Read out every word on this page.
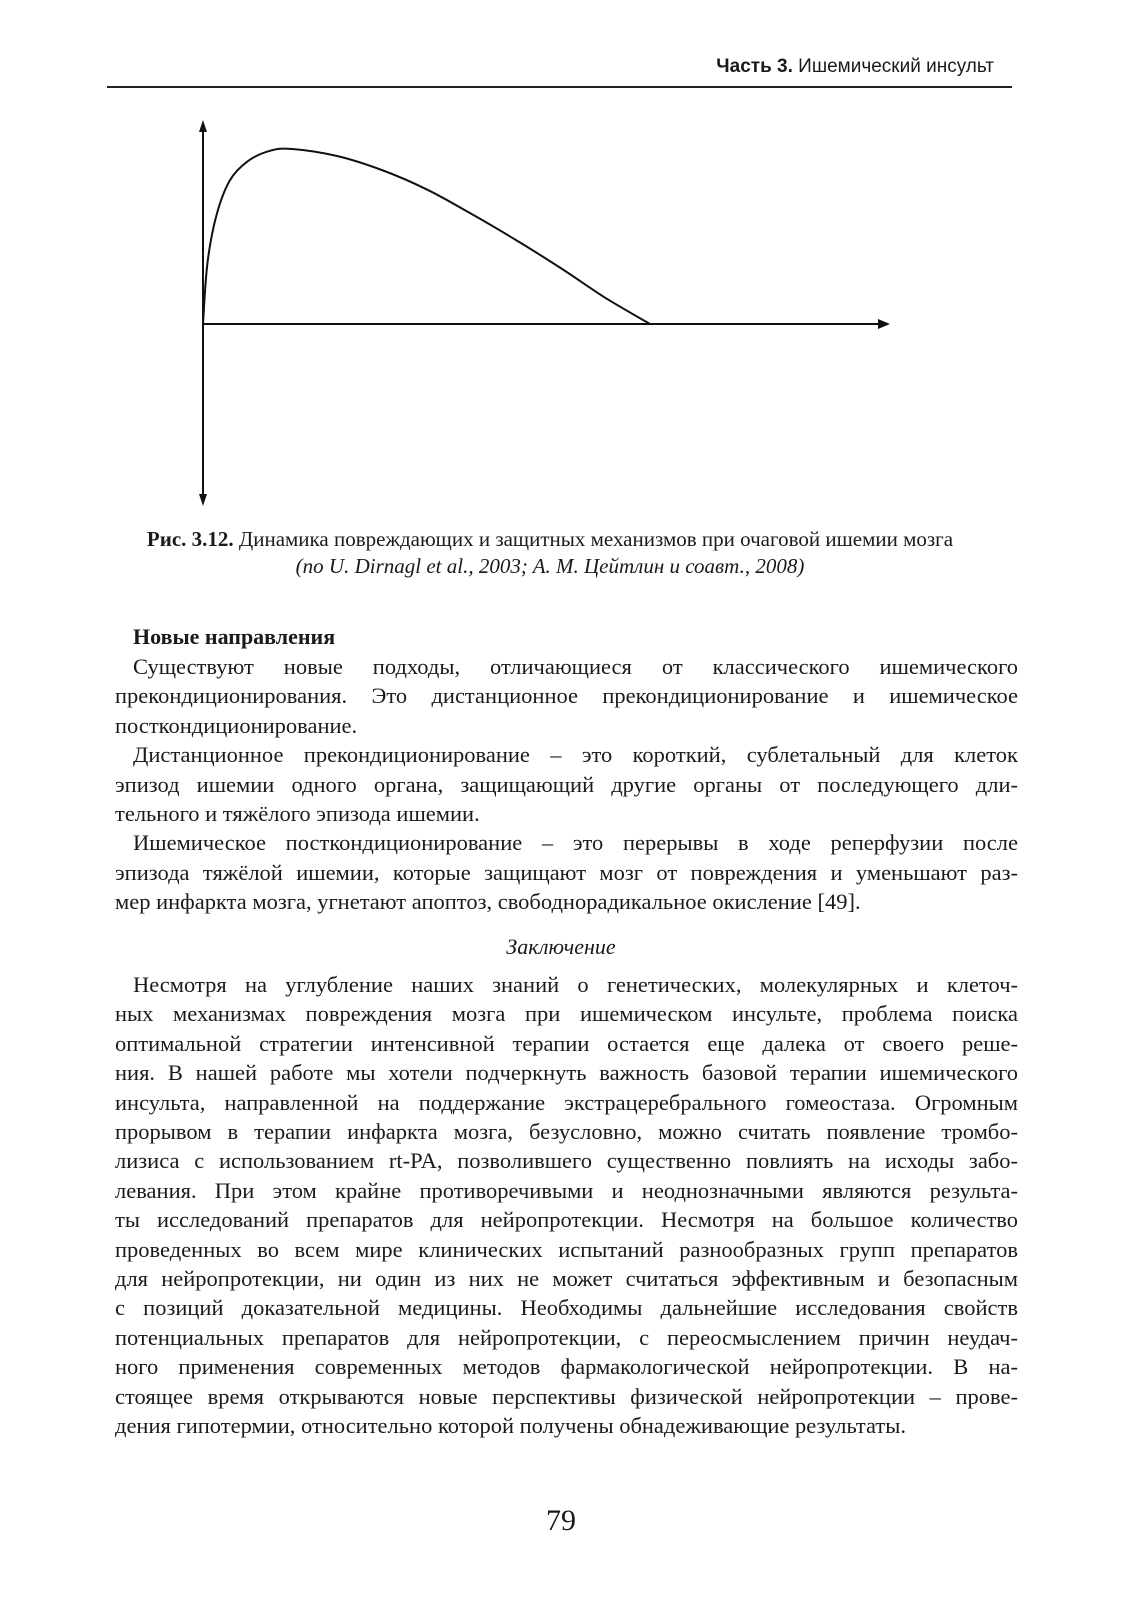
Часть 3. Ишемический инсульт
Рис. 3.12. Динамика повреждающих и защитных механизмов при очаговой ишемии мозга
(по U. Dirnagl et al., 2003; A. M. Цейтлин и соавт., 2008)
Новые направления

Существуют новые подходы, отличающиеся от классического ишемического
прекондиционирования. Это дистанционное прекондиционирование и ишемическое
посткондиционирование.

Дистанционное прекондиционирование – это короткий, сублетальный для клеток
эпизод ишемии одного органа, защищающий другие органы от последующего дли-
тельного и тяжёлого эпизода ишемии.

Ишемическое посткондиционирование – это перерывы в ходе реперфузии после
эпизода тяжёлой ишемии, которые защищают мозг от повреждения и уменьшают раз-
мер инфаркта мозга, угнетают апоптоз, свободнорадикальное окисление [49].

Заключение
Несмотря на углубление наших знаний о генетических, молекулярных и клеточ-
ных механизмах повреждения мозга при ишемическом инсульте, проблема поиска
оптимальной стратегии интенсивной терапии остается еще далека от своего реше-
ния. В нашей работе мы хотели подчеркнуть важность базовой терапии ишемического
инсульта, направленной на поддержание экстрацеребрального гомеостаза. Огромным
прорывом в терапии инфаркта мозга, безусловно, можно считать появление тромбо-
лизиса с использованием rt-PA, позволившего существенно повлиять на исходы забо-
левания. При этом крайне противоречивыми и неоднозначными являются результа-
ты исследований препаратов для нейропротекции. Несмотря на большое количество
проведенных во всем мире клинических испытаний разнообразных групп препаратов
для нейропротекции, ни один из них не может считаться эффективным и безопасным
с позиций доказательной медицины. Необходимы дальнейшие исследования свойств
потенциальных препаратов для нейропротекции, с переосмыслением причин неудач-
ного применения современных методов фармакологической нейропротекции. В на-
стоящее время открываются новые перспективы физической нейропротекции – прове-
дения гипотермии, относительно которой получены обнадеживающие результаты.
79
